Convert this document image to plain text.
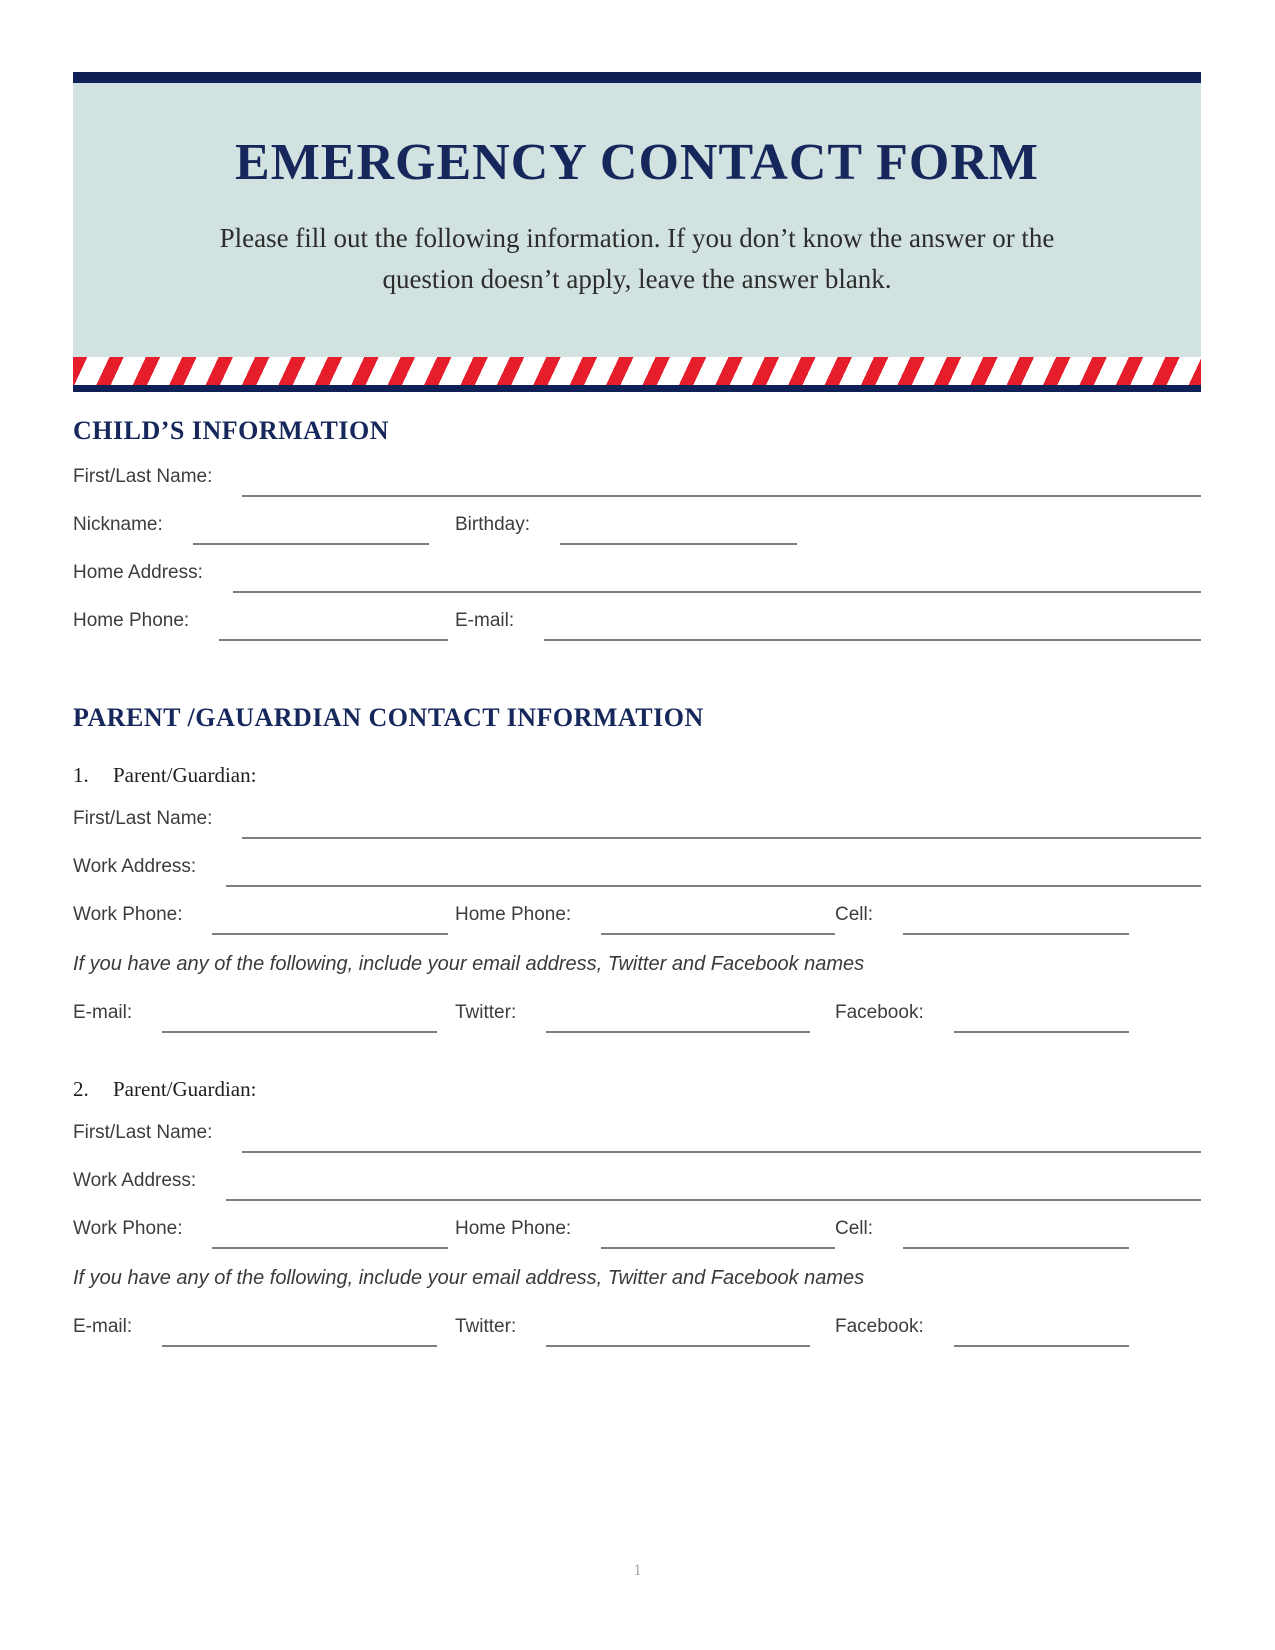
EMERGENCY CONTACT FORM
Please fill out the following information. If you don’t know the answer or the
question doesn’t apply, leave the answer blank.
CHILD’S INFORMATION
First/Last Name:
Nickname:	Birthday:
Home Address:
Home Phone:	E-mail:
PARENT /GAUARDIAN CONTACT INFORMATION
1.	Parent/Guardian:
First/Last Name:
Work Address:
Work Phone:	Home Phone:	Cell:
If you have any of the following, include your email address, Twitter and Facebook names
E-mail:	Twitter:	Facebook:
2.	Parent/Guardian:
First/Last Name:
Work Address:
Work Phone:	Home Phone:	Cell:
If you have any of the following, include your email address, Twitter and Facebook names
E-mail:	Twitter:	Facebook:
1
